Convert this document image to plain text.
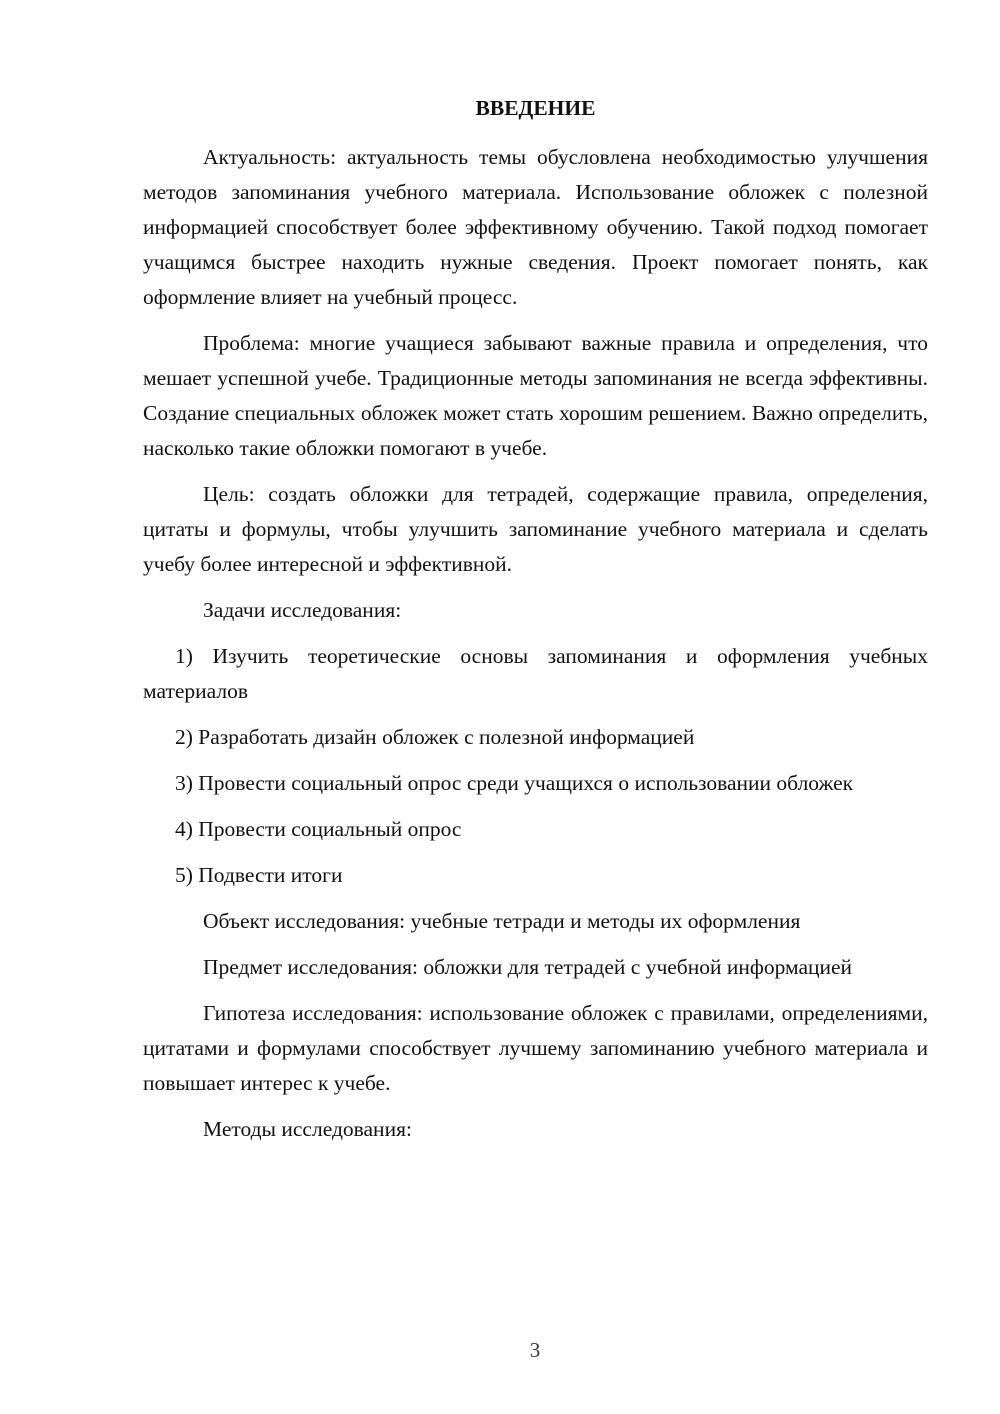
ВВЕДЕНИЕ

Актуальность: актуальность темы обусловлена необходимостью улучшения методов запоминания учебного материала. Использование обложек с полезной информацией способствует более эффективному обучению. Такой подход помогает учащимся быстрее находить нужные сведения. Проект помогает понять, как оформление влияет на учебный процесс.

Проблема: многие учащиеся забывают важные правила и определения, что мешает успешной учебе. Традиционные методы запоминания не всегда эффективны. Создание специальных обложек может стать хорошим решением. Важно определить, насколько такие обложки помогают в учебе.

Цель: создать обложки для тетрадей, содержащие правила, определения, цитаты и формулы, чтобы улучшить запоминание учебного материала и сделать учебу более интересной и эффективной.

Задачи исследования:

1) Изучить теоретические основы запоминания и оформления учебных материалов

2) Разработать дизайн обложек с полезной информацией

3) Провести социальный опрос среди учащихся о использовании обложек

4) Провести социальный опрос

5) Подвести итоги

Объект исследования: учебные тетради и методы их оформления

Предмет исследования: обложки для тетрадей с учебной информацией

Гипотеза исследования: использование обложек с правилами, определениями, цитатами и формулами способствует лучшему запоминанию учебного материала и повышает интерес к учебе.

Методы исследования:

3
